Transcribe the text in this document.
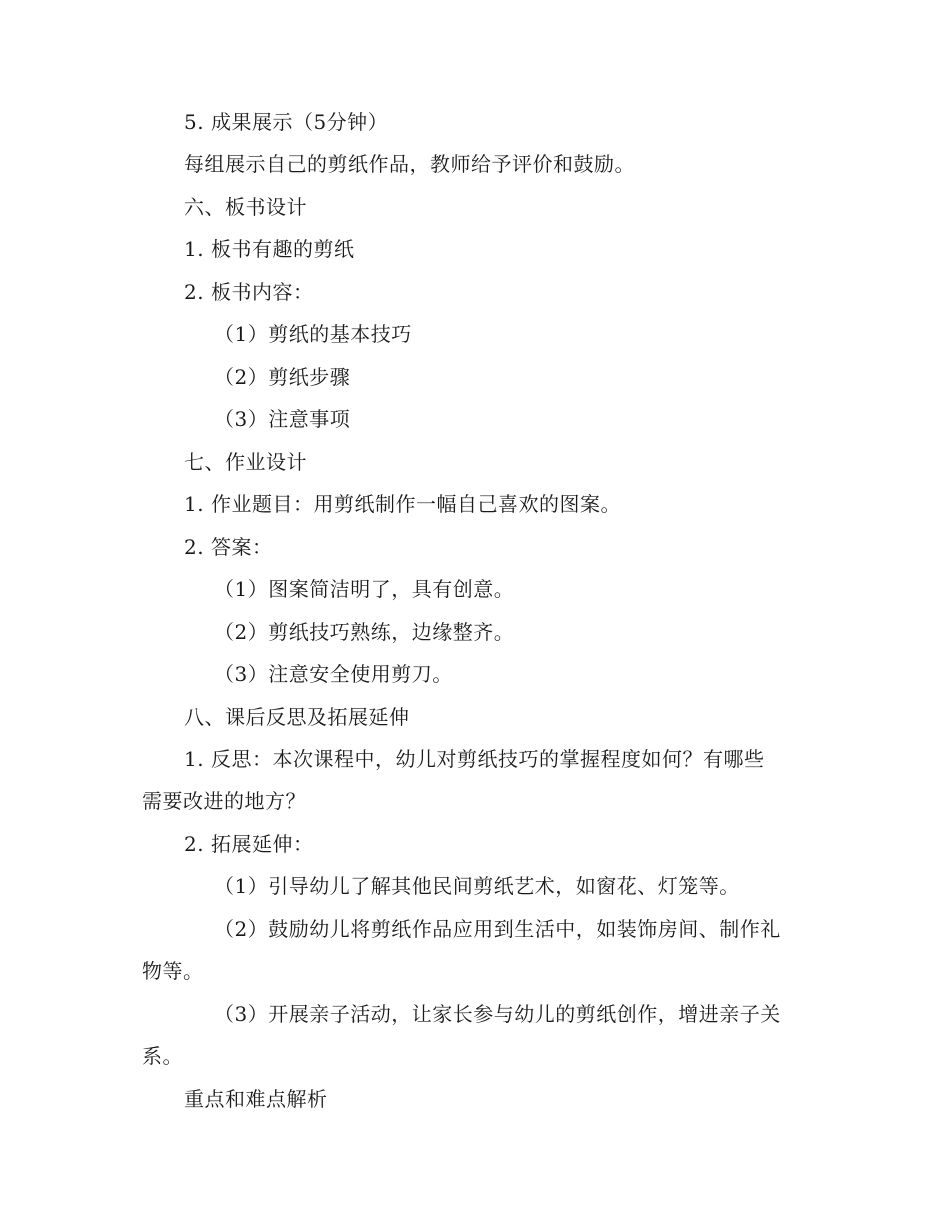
5. 成果展示（5分钟）
每组展示自己的剪纸作品，教师给予评价和鼓励。
六、板书设计
1. 板书有趣的剪纸
2. 板书内容：
（1）剪纸的基本技巧
（2）剪纸步骤
（3）注意事项
七、作业设计
1. 作业题目：用剪纸制作一幅自己喜欢的图案。
2. 答案：
（1）图案简洁明了，具有创意。
（2）剪纸技巧熟练，边缘整齐。
（3）注意安全使用剪刀。
八、课后反思及拓展延伸
1. 反思：本次课程中，幼儿对剪纸技巧的掌握程度如何？有哪些
需要改进的地方？
2. 拓展延伸：
（1）引导幼儿了解其他民间剪纸艺术，如窗花、灯笼等。
（2）鼓励幼儿将剪纸作品应用到生活中，如装饰房间、制作礼
物等。
（3）开展亲子活动，让家长参与幼儿的剪纸创作，增进亲子关
系。
重点和难点解析
